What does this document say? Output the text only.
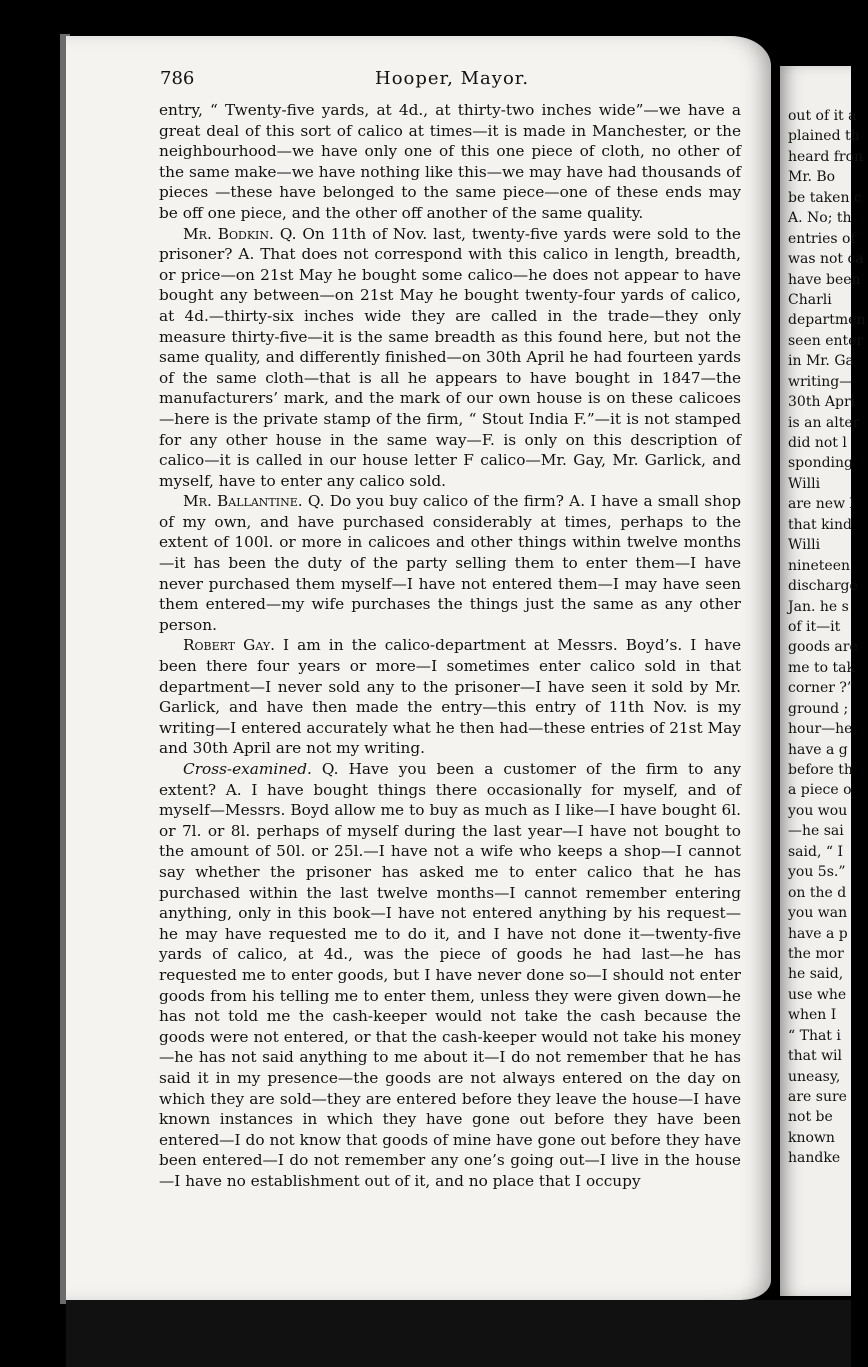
786	Hooper, Mayor.

entry, “ Twenty-five yards, at 4d., at thirty-two inches wide”—we have a great deal of this sort of calico at times—it is made in Manchester, or the neighbourhood—we have only one of this one piece of cloth, no other of the same make—we have nothing like this—we may have had thousands of pieces —these have belonged to the same piece—one of these ends may be off one piece, and the other off another of the same quality.

Mr. Bodkin. Q. On 11th of Nov. last, twenty-five yards were sold to the prisoner? A. That does not correspond with this calico in length, breadth, or price—on 21st May he bought some calico—he does not appear to have bought any between—on 21st May he bought twenty-four yards of calico, at 4d.—thirty-six inches wide they are called in the trade—they only measure thirty-five—it is the same breadth as this found here, but not the same quality, and differently finished—on 30th April he had fourteen yards of the same cloth—that is all he appears to have bought in 1847—the manufacturers’ mark, and the mark of our own house is on these calicoes—here is the private stamp of the firm, “ Stout India F.”—it is not stamped for any other house in the same way—F. is only on this description of calico—it is called in our house letter F calico—Mr. Gay, Mr. Garlick, and myself, have to enter any calico sold.

Mr. Ballantine. Q. Do you buy calico of the firm? A. I have a small shop of my own, and have purchased considerably at times, perhaps to the extent of 100l. or more in calicoes and other things within twelve months—it has been the duty of the party selling them to enter them—I have never purchased them myself—I have not entered them—I may have seen them entered—my wife purchases the things just the same as any other person.

Robert Gay. I am in the calico-department at Messrs. Boyd’s. I have been there four years or more—I sometimes enter calico sold in that department—I never sold any to the prisoner—I have seen it sold by Mr. Garlick, and have then made the entry—this entry of 11th Nov. is my writing—I entered accurately what he then had—these entries of 21st May and 30th April are not my writing.

Cross-examined. Q. Have you been a customer of the firm to any extent? A. I have bought things there occasionally for myself, and of myself—Messrs. Boyd allow me to buy as much as I like—I have bought 6l. or 7l. or 8l. perhaps of myself during the last year—I have not bought to the amount of 50l. or 25l.—I have not a wife who keeps a shop—I cannot say whether the prisoner has asked me to enter calico that he has purchased within the last twelve months—I cannot remember entering anything, only in this book—I have not entered anything by his request—he may have requested me to do it, and I have not done it—twenty-five yards of calico, at 4d., was the piece of goods he had last—he has requested me to enter goods, but I have never done so—I should not enter goods from his telling me to enter them, unless they were given down—he has not told me the cash-keeper would not take the cash because the goods were not entered, or that the cash-keeper would not take his money—he has not said anything to me about it—I do not remember that he has said it in my presence—the goods are not always entered on the day on which they are sold—they are entered before they leave the house—I have known instances in which they have gone out before they have been entered—I do not know that goods of mine have gone out before they have been entered—I do not remember any one’s going out—I live in the house—I have no establishment out of it, and no place that I occupy

out of it a
plained th
heard fron
Mr. Bo
be taken c
A. No; th
entries of
was not ca
have been
Charli
departmen
seen enter
in Mr. Ga
writing—
30th Apri
is an alter
did not l
sponding
Willi
are new l
that kind
Willi
nineteen
discharge
Jan. he s
of it—it
goods are
me to tak
corner ?”
ground ;
hour—he
have a g
before th
a piece o
you wou
—he sai
said, “ I
you 5s.”
on the d
you wan
have a p
the mor
he said,
use whe
when I
“ That i
that wil
uneasy,
are sure
not be
known
handke
